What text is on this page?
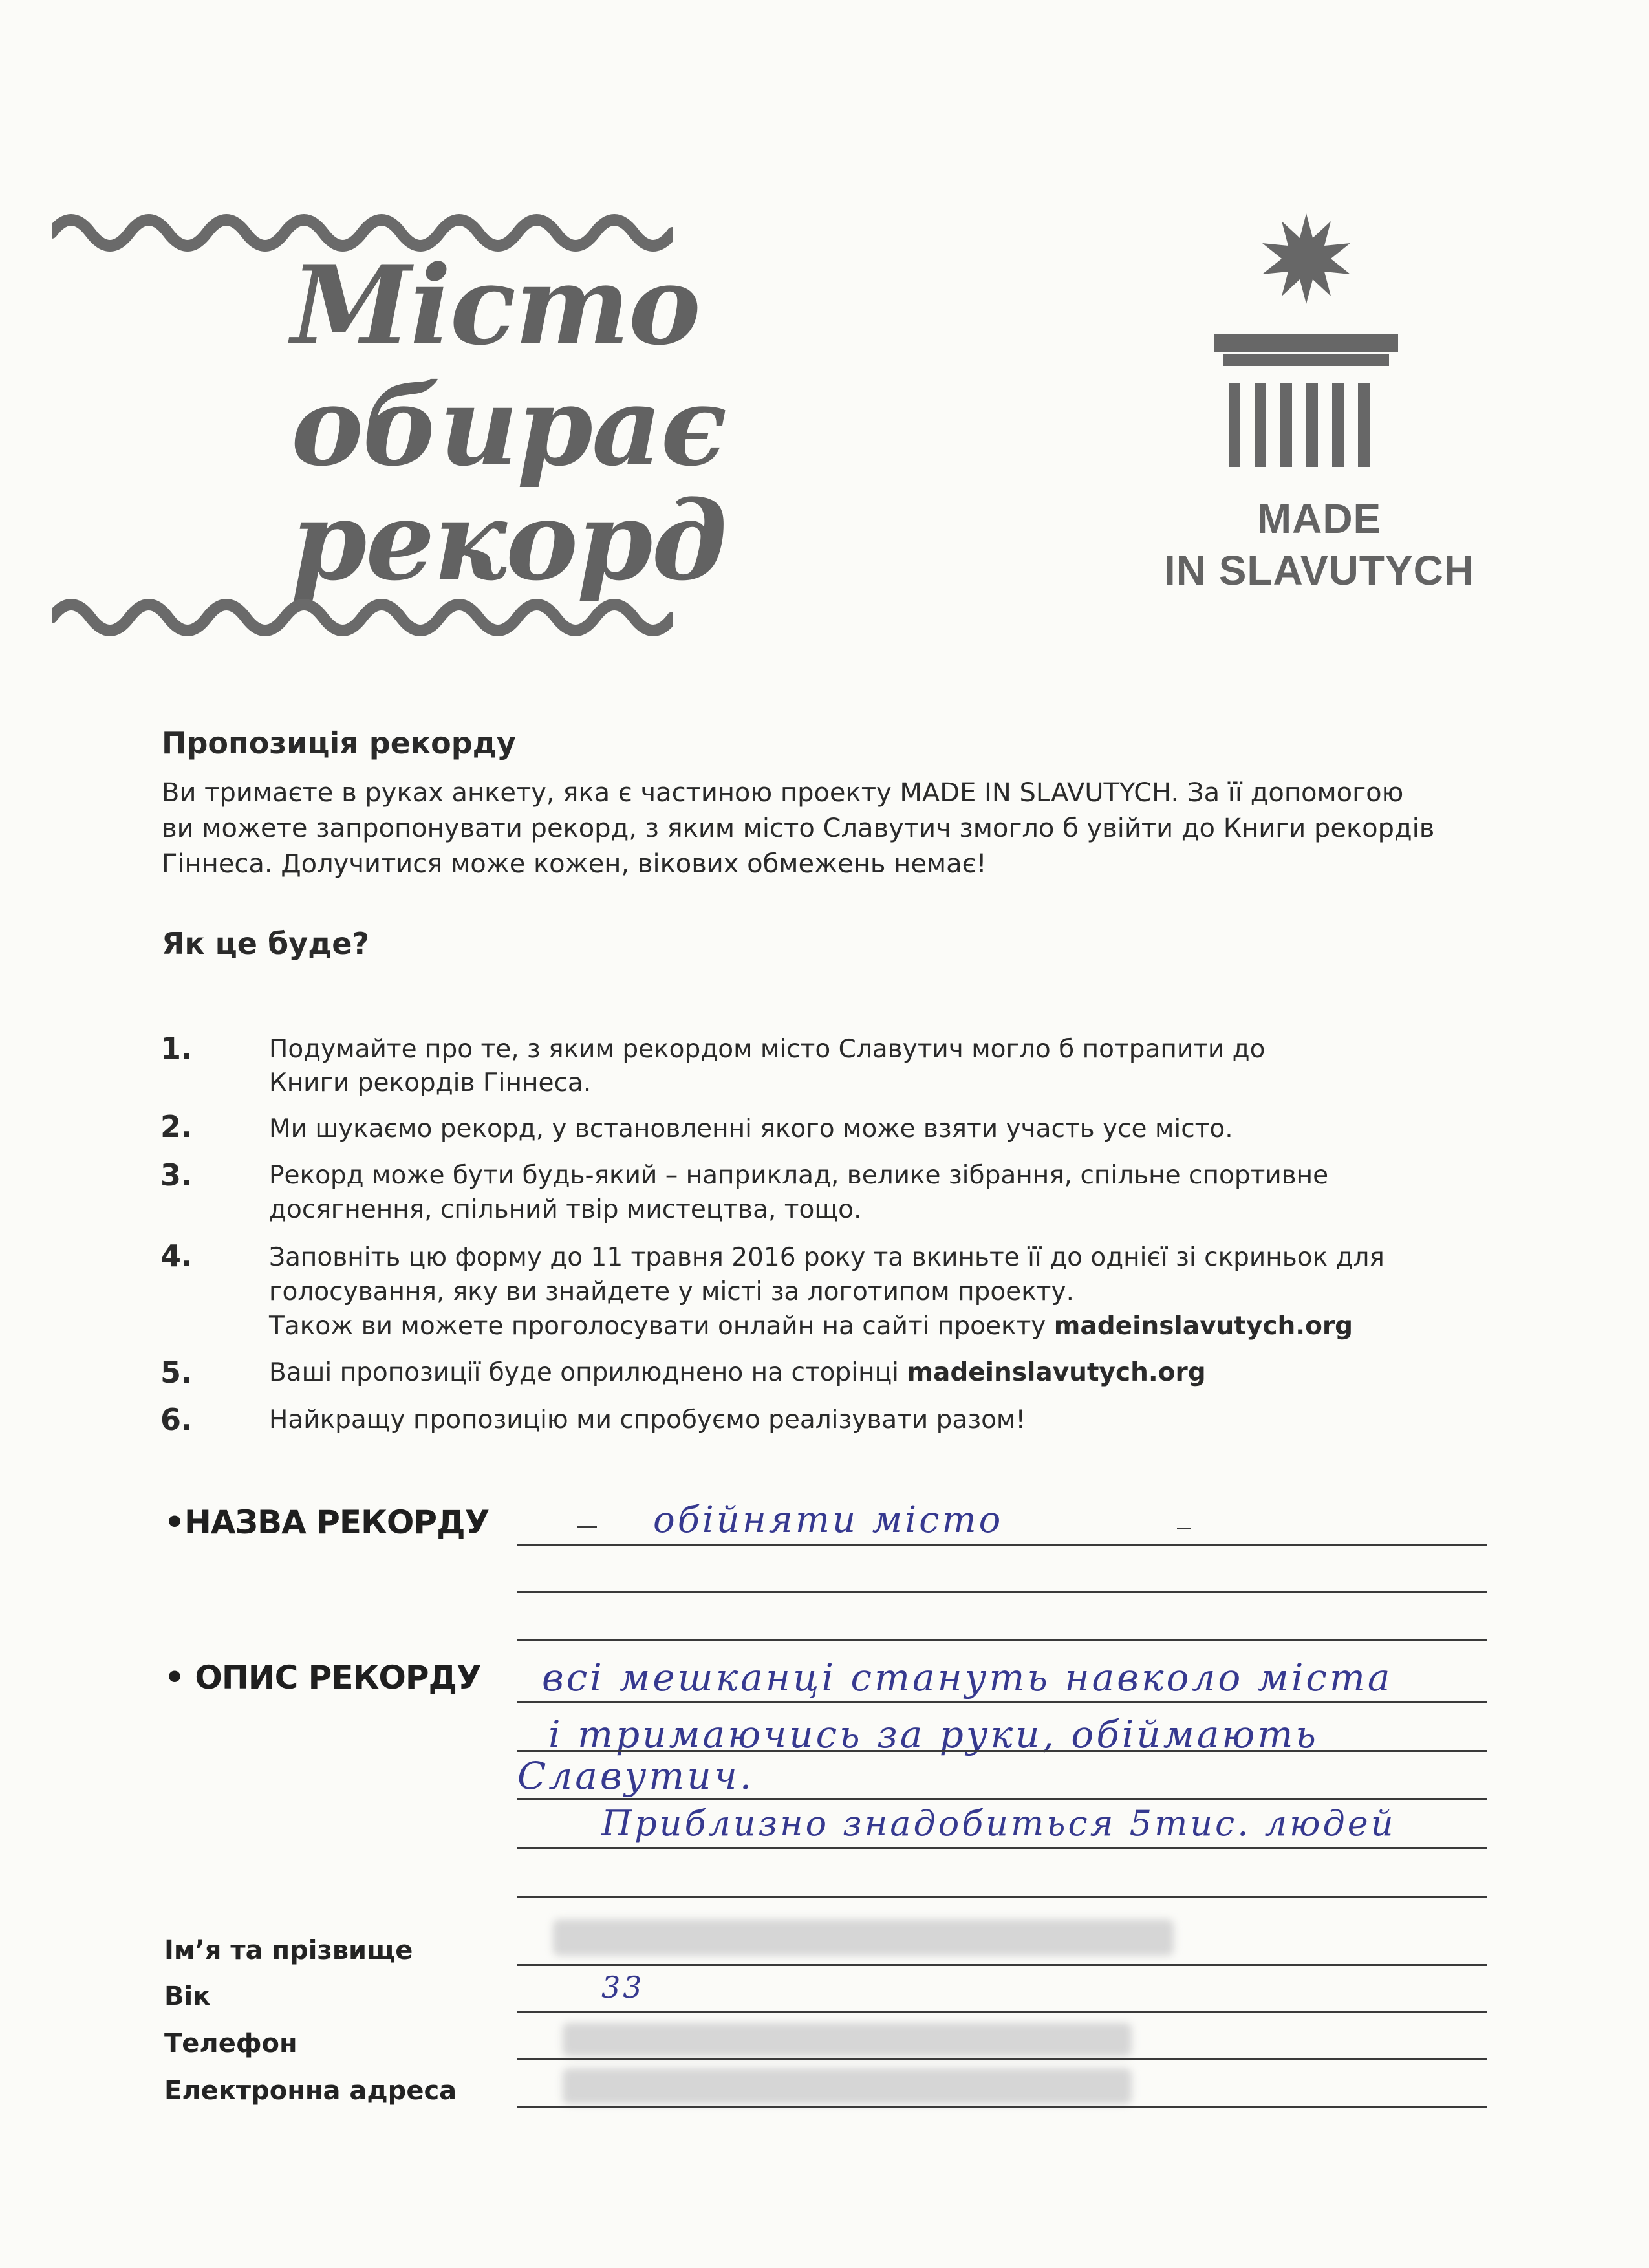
Місто
обирає
рекорд	MADE
IN SLAVUTYCH
Пропозиція рекорду
Ви тримаєте в руках анкету, яка є частиною проекту MADE IN SLAVUTYCH. За її допомогою
ви можете запропонувати рекорд, з яким місто Славутич змогло б увійти до Книги рекордів
Гіннеса. Долучитися може кожен, вікових обмежень немає!
Як це буде?
1.	Подумайте про те, з яким рекордом місто Славутич могло б потрапити до
Книги рекордів Гіннеса.
2.	Ми шукаємо рекорд, у встановленні якого може взяти участь усе місто.
3.	Рекорд може бути будь-який – наприклад, велике зібрання, спільне спортивне
досягнення, спільний твір мистецтва, тощо.
4.	Заповніть цю форму до 11 травня 2016 року та вкиньте її до однієї зі скриньок для
голосування, яку ви знайдете у місті за логотипом проекту.
Також ви можете проголосувати онлайн на сайті проекту madeinslavutych.org
5.	Ваші пропозиції буде оприлюднено на сторінці madeinslavutych.org
6.	Найкращу пропозицію ми спробуємо реалізувати разом!
•НАЗВА РЕКОРДУ	обійняти місто
• ОПИС РЕКОРДУ всі мешканці стануть навколо міста
і тримаючись за руки, обіймають
Славутич.
Приблизно знадобиться 5тис. людей
Ім’я та прізвище
Вік	33
Телефон
Електронна адреса
